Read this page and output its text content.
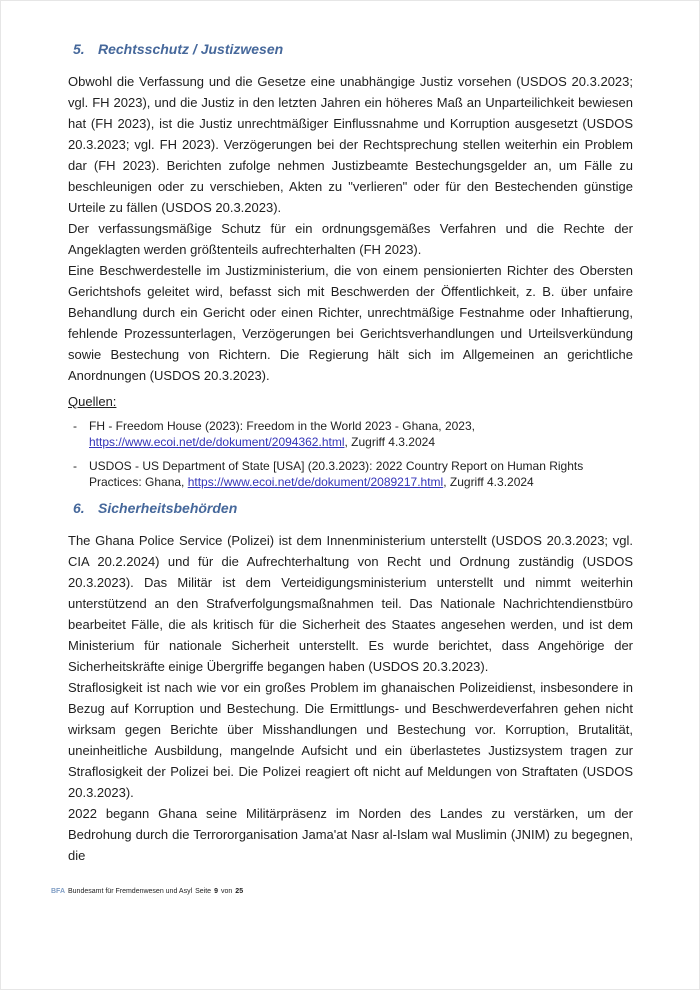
5. Rechtsschutz / Justizwesen

Obwohl die Verfassung und die Gesetze eine unabhängige Justiz vorsehen (USDOS 20.3.2023; vgl. FH 2023), und die Justiz in den letzten Jahren ein höheres Maß an Unparteilichkeit bewiesen hat (FH 2023), ist die Justiz unrechtmäßiger Einflussnahme und Korruption ausgesetzt (USDOS 20.3.2023; vgl. FH 2023). Verzögerungen bei der Rechtsprechung stellen weiterhin ein Problem dar (FH 2023). Berichten zufolge nehmen Justizbeamte Bestechungsgelder an, um Fälle zu beschleunigen oder zu verschieben, Akten zu "verlieren" oder für den Bestechenden günstige Urteile zu fällen (USDOS 20.3.2023).

Der verfassungsmäßige Schutz für ein ordnungsgemäßes Verfahren und die Rechte der Angeklagten werden größtenteils aufrechterhalten (FH 2023).

Eine Beschwerdestelle im Justizministerium, die von einem pensionierten Richter des Obersten Gerichtshofs geleitet wird, befasst sich mit Beschwerden der Öffentlichkeit, z. B. über unfaire Behandlung durch ein Gericht oder einen Richter, unrechtmäßige Festnahme oder Inhaftierung, fehlende Prozessunterlagen, Verzögerungen bei Gerichtsverhandlungen und Urteilsverkündung sowie Bestechung von Richtern. Die Regierung hält sich im Allgemeinen an gerichtliche Anordnungen (USDOS 20.3.2023).

Quellen:

-	FH - Freedom House (2023): Freedom in the World 2023 - Ghana, 2023, https://www.ecoi.net/de/dokument/2094362.html, Zugriff 4.3.2024
-	USDOS - US Department of State [USA] (20.3.2023): 2022 Country Report on Human Rights Practices: Ghana, https://www.ecoi.net/de/dokument/2089217.html, Zugriff 4.3.2024
6. Sicherheitsbehörden

The Ghana Police Service (Polizei) ist dem Innenministerium unterstellt (USDOS 20.3.2023; vgl. CIA 20.2.2024) und für die Aufrechterhaltung von Recht und Ordnung zuständig (USDOS 20.3.2023). Das Militär ist dem Verteidigungsministerium unterstellt und nimmt weiterhin unterstützend an den Strafverfolgungsmaßnahmen teil. Das Nationale Nachrichtendienstbüro bearbeitet Fälle, die als kritisch für die Sicherheit des Staates angesehen werden, und ist dem Ministerium für nationale Sicherheit unterstellt. Es wurde berichtet, dass Angehörige der Sicherheitskräfte einige Übergriffe begangen haben (USDOS 20.3.2023).

Straflosigkeit ist nach wie vor ein großes Problem im ghanaischen Polizeidienst, insbesondere in Bezug auf Korruption und Bestechung. Die Ermittlungs- und Beschwerdeverfahren gehen nicht wirksam gegen Berichte über Misshandlungen und Bestechung vor. Korruption, Brutalität, uneinheitliche Ausbildung, mangelnde Aufsicht und ein überlastetes Justizsystem tragen zur Straflosigkeit der Polizei bei. Die Polizei reagiert oft nicht auf Meldungen von Straftaten (USDOS 20.3.2023).

2022 begann Ghana seine Militärpräsenz im Norden des Landes zu verstärken, um der Bedrohung durch die Terrororganisation Jama'at Nasr al-Islam wal Muslimin (JNIM) zu begegnen, die

BFA Bundesamt für Fremdenwesen und Asyl Seite 9 von 25
